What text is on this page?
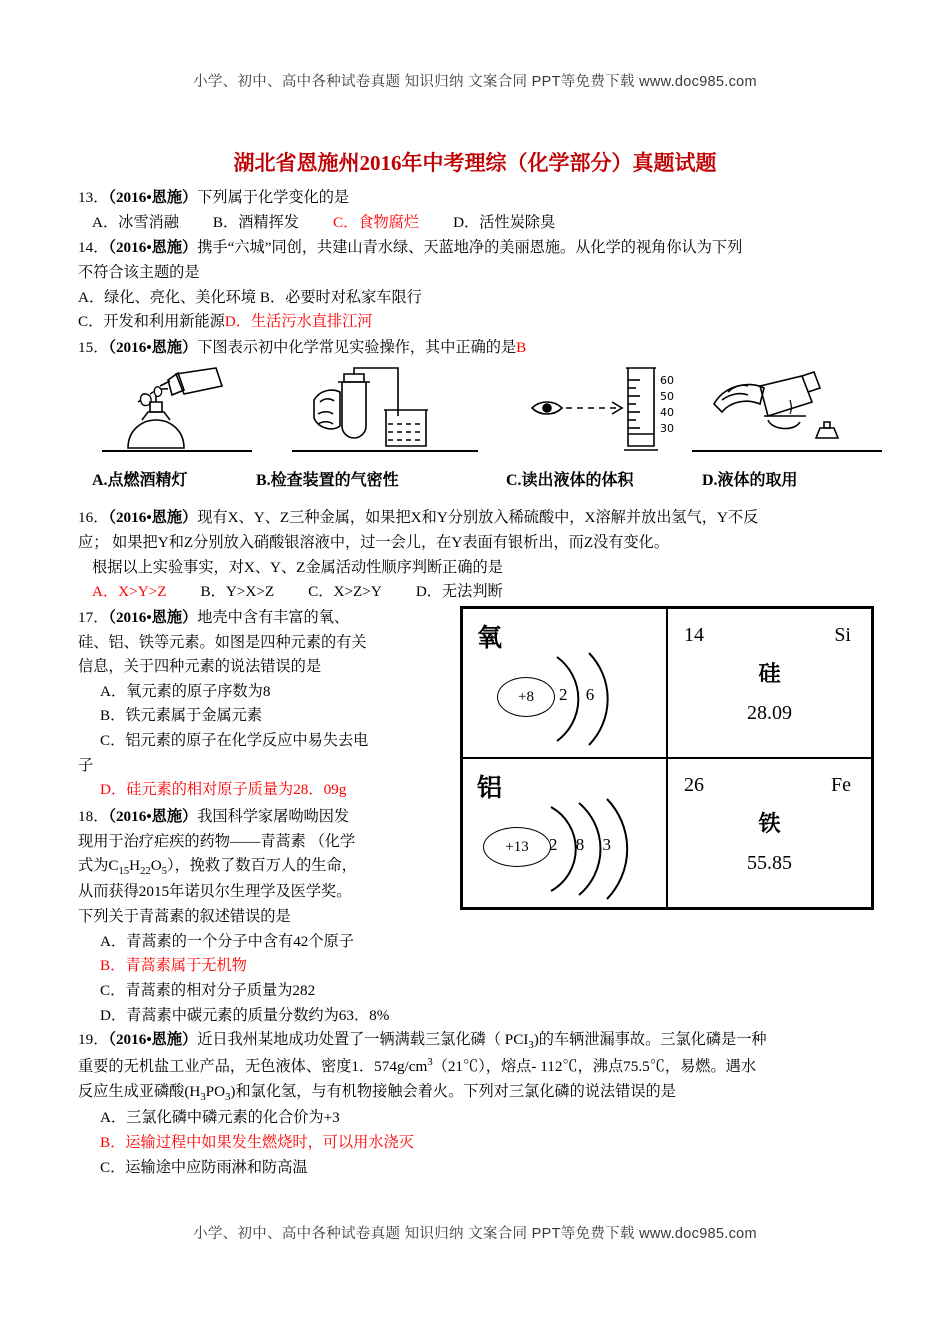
小学、初中、高中各种试卷真题 知识归纳 文案合同 PPT等免费下载 www.doc985.com
湖北省恩施州2016年中考理综（化学部分）真题试题
13．（2016•恩施）下列属于化学变化的是
A．冰雪消融 B．酒精挥发 C．食物腐烂 D．活性炭除臭
14．（2016•恩施）携手“六城”同创，共建山青水绿、天蓝地净的美丽恩施。从化学的视角你认为下列
不符合该主题的是
A．绿化、亮化、美化环境 B．必要时对私家车限行
C．开发和利用新能源D．生活污水直排江河
15．（2016•恩施）下图表示初中化学常见实验操作，其中正确的是B
60
50
40
30
A.点燃酒精灯	B.检查装置的气密性	C.读出液体的体积	D.液体的取用
16．（2016•恩施）现有X、Y、Z三种金属，如果把X和Y分别放入稀硫酸中，X溶解并放出氢气，Y不反
应； 如果把Y和Z分别放入硝酸银溶液中，过一会儿，在Y表面有银析出，而Z没有变化。
根据以上实验事实，对X、Y、Z金属活动性顺序判断正确的是
A．X>Y>Z B．Y>X>Z C．X>Z>Y D．无法判断
氧
+8	2 6
14	Si
硅
28.09
铝
+13	2 8 3
26	Fe
铁
55.85
17．（2016•恩施）地壳中含有丰富的氧、
硅、铝、铁等元素。如图是四种元素的有关
信息，关于四种元素的说法错误的是
A．氧元素的原子序数为8
B．铁元素属于金属元素
C．铝元素的原子在化学反应中易失去电
子
D．硅元素的相对原子质量为28．09g
18．（2016•恩施）我国科学家屠呦呦因发
现用于治疗疟疾的药物——青蒿素 （化学
式为$C_{15}H_{22}O_5$），挽救了数百万人的生命，
从而获得2015年诺贝尔生理学及医学奖。
下列关于青蒿素的叙述错误的是
A．青蒿素的一个分子中含有42个原子
B．青蒿素属于无机物
C．青蒿素的相对分子质量为282
D．青蒿素中碳元素的质量分数约为63．8%
19．（2016•恩施）近日我州某地成功处置了一辆满载三氯化磷（ $PCI_3$)的车辆泄漏事故。三氯化磷是一种
重要的无机盐工业产品，无色液体、密度1．$574g/cm^3(21℃)$，熔点- 112℃，沸点75.5℃，易燃。遇水
反应生成亚磷酸$(H_3PO_3)$和氯化氢，与有机物接触会着火。下列对三氯化磷的说法错误的是
A．三氯化磷中磷元素的化合价为+3
B．运输过程中如果发生燃烧时，可以用水浇灭
C．运输途中应防雨淋和防高温
小学、初中、高中各种试卷真题 知识归纳 文案合同 PPT等免费下载 www.doc985.com
